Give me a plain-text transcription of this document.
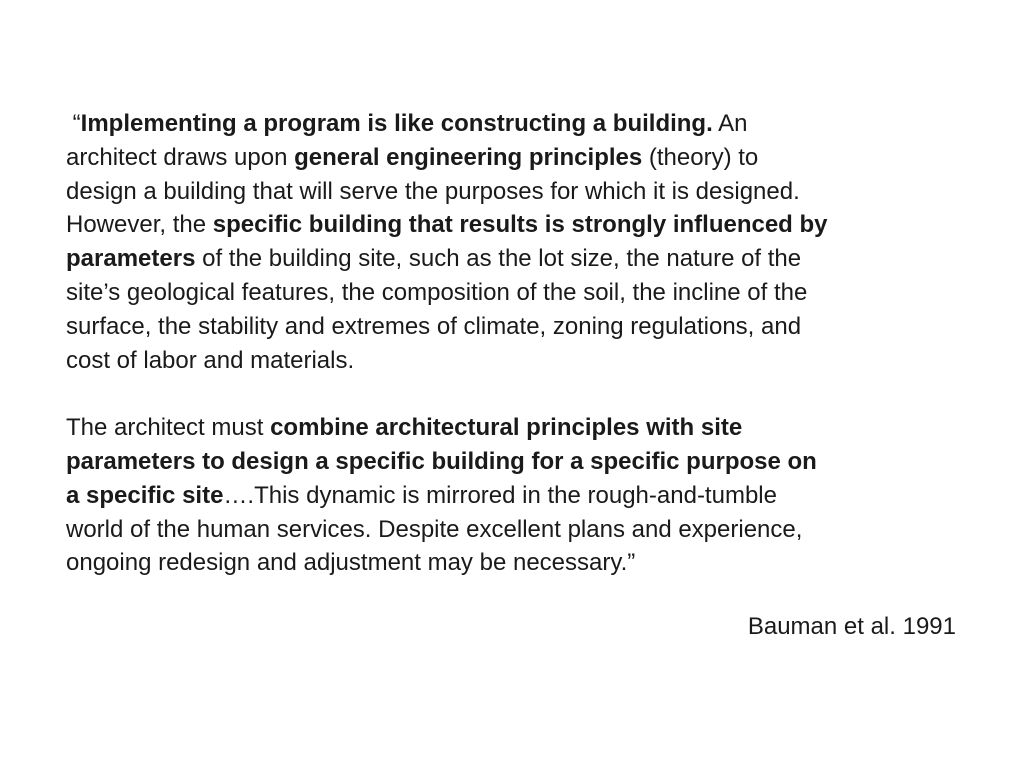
“Implementing a program is like constructing a building. An
architect draws upon general engineering principles (theory) to
design a building that will serve the purposes for which it is designed.
However, the specific building that results is strongly influenced by
parameters of the building site, such as the lot size, the nature of the
site’s geological features, the composition of the soil, the incline of the
surface, the stability and extremes of climate, zoning regulations, and
cost of labor and materials.

The architect must combine architectural principles with site
parameters to design a specific building for a specific purpose on
a specific site….This dynamic is mirrored in the rough-and-tumble
world of the human services. Despite excellent plans and experience,
ongoing redesign and adjustment may be necessary.”

Bauman et al. 1991
